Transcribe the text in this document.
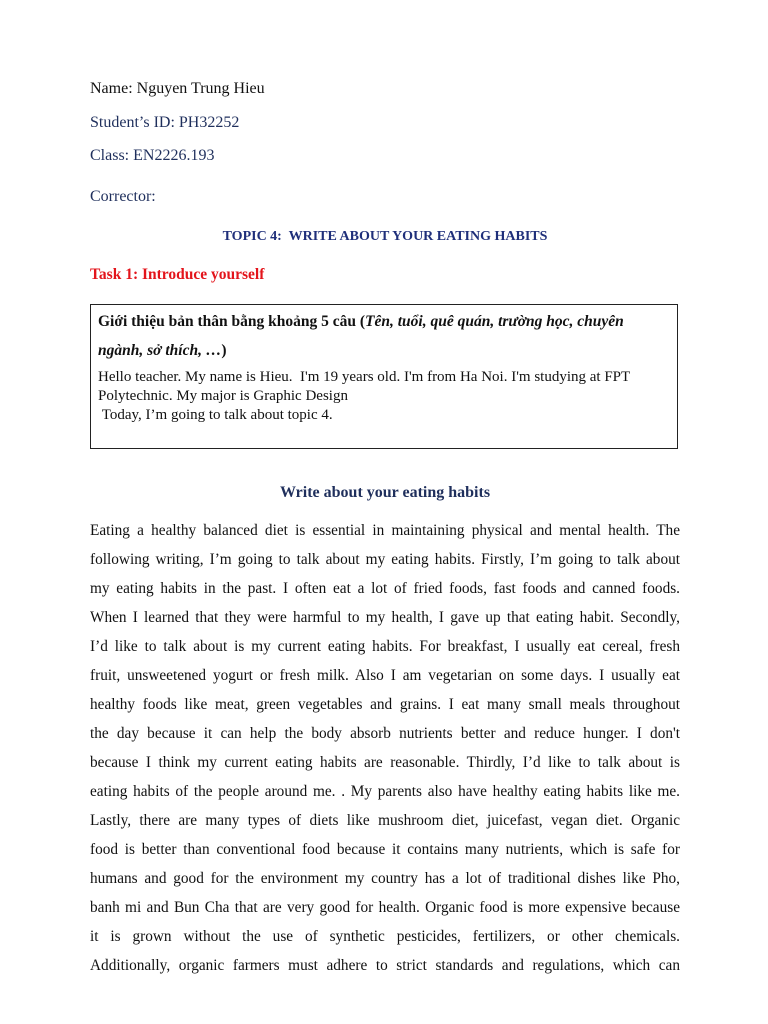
Name: Nguyen Trung Hieu
Student’s ID: PH32252
Class: EN2226.193
Corrector:
TOPIC 4:  WRITE ABOUT YOUR EATING HABITS
Task 1: Introduce yourself
Giới thiệu bản thân bằng khoảng 5 câu (Tên, tuổi, quê quán, trường học, chuyên ngành, sở thích, …)
Hello teacher. My name is Hieu.  I'm 19 years old. I'm from Ha Noi. I'm studying at FPT Polytechnic. My major is Graphic Design
Today, I’m going to talk about topic 4.
Write about your eating habits
Eating a healthy balanced diet is essential in maintaining physical and mental health. The
following writing, I’m going to talk about my eating habits. Firstly, I’m going to talk about
my eating habits in the past. I often eat a lot of fried foods, fast foods and canned foods.
When I learned that they were harmful to my health, I gave up that eating habit. Secondly,
I’d like to talk about is my current eating habits. For breakfast, I usually eat cereal, fresh
fruit, unsweetened yogurt or fresh milk. Also I am vegetarian on some days. I usually eat
healthy foods like meat, green vegetables and grains. I eat many small meals throughout
the day because it can help the body absorb nutrients better and reduce hunger. I don't
because I think my current eating habits are reasonable. Thirdly, I’d like to talk about is
eating habits of the people around me. . My parents also have healthy eating habits like me.
Lastly, there are many types of diets like mushroom diet, juicefast, vegan diet. Organic
food is better than conventional food because it contains many nutrients, which is safe for
humans and good for the environment my country has a lot of traditional dishes like Pho,
banh mi and Bun Cha that are very good for health. Organic food is more expensive because
it is grown without the use of synthetic pesticides, fertilizers, or other chemicals.
Additionally, organic farmers must adhere to strict standards and regulations, which can
